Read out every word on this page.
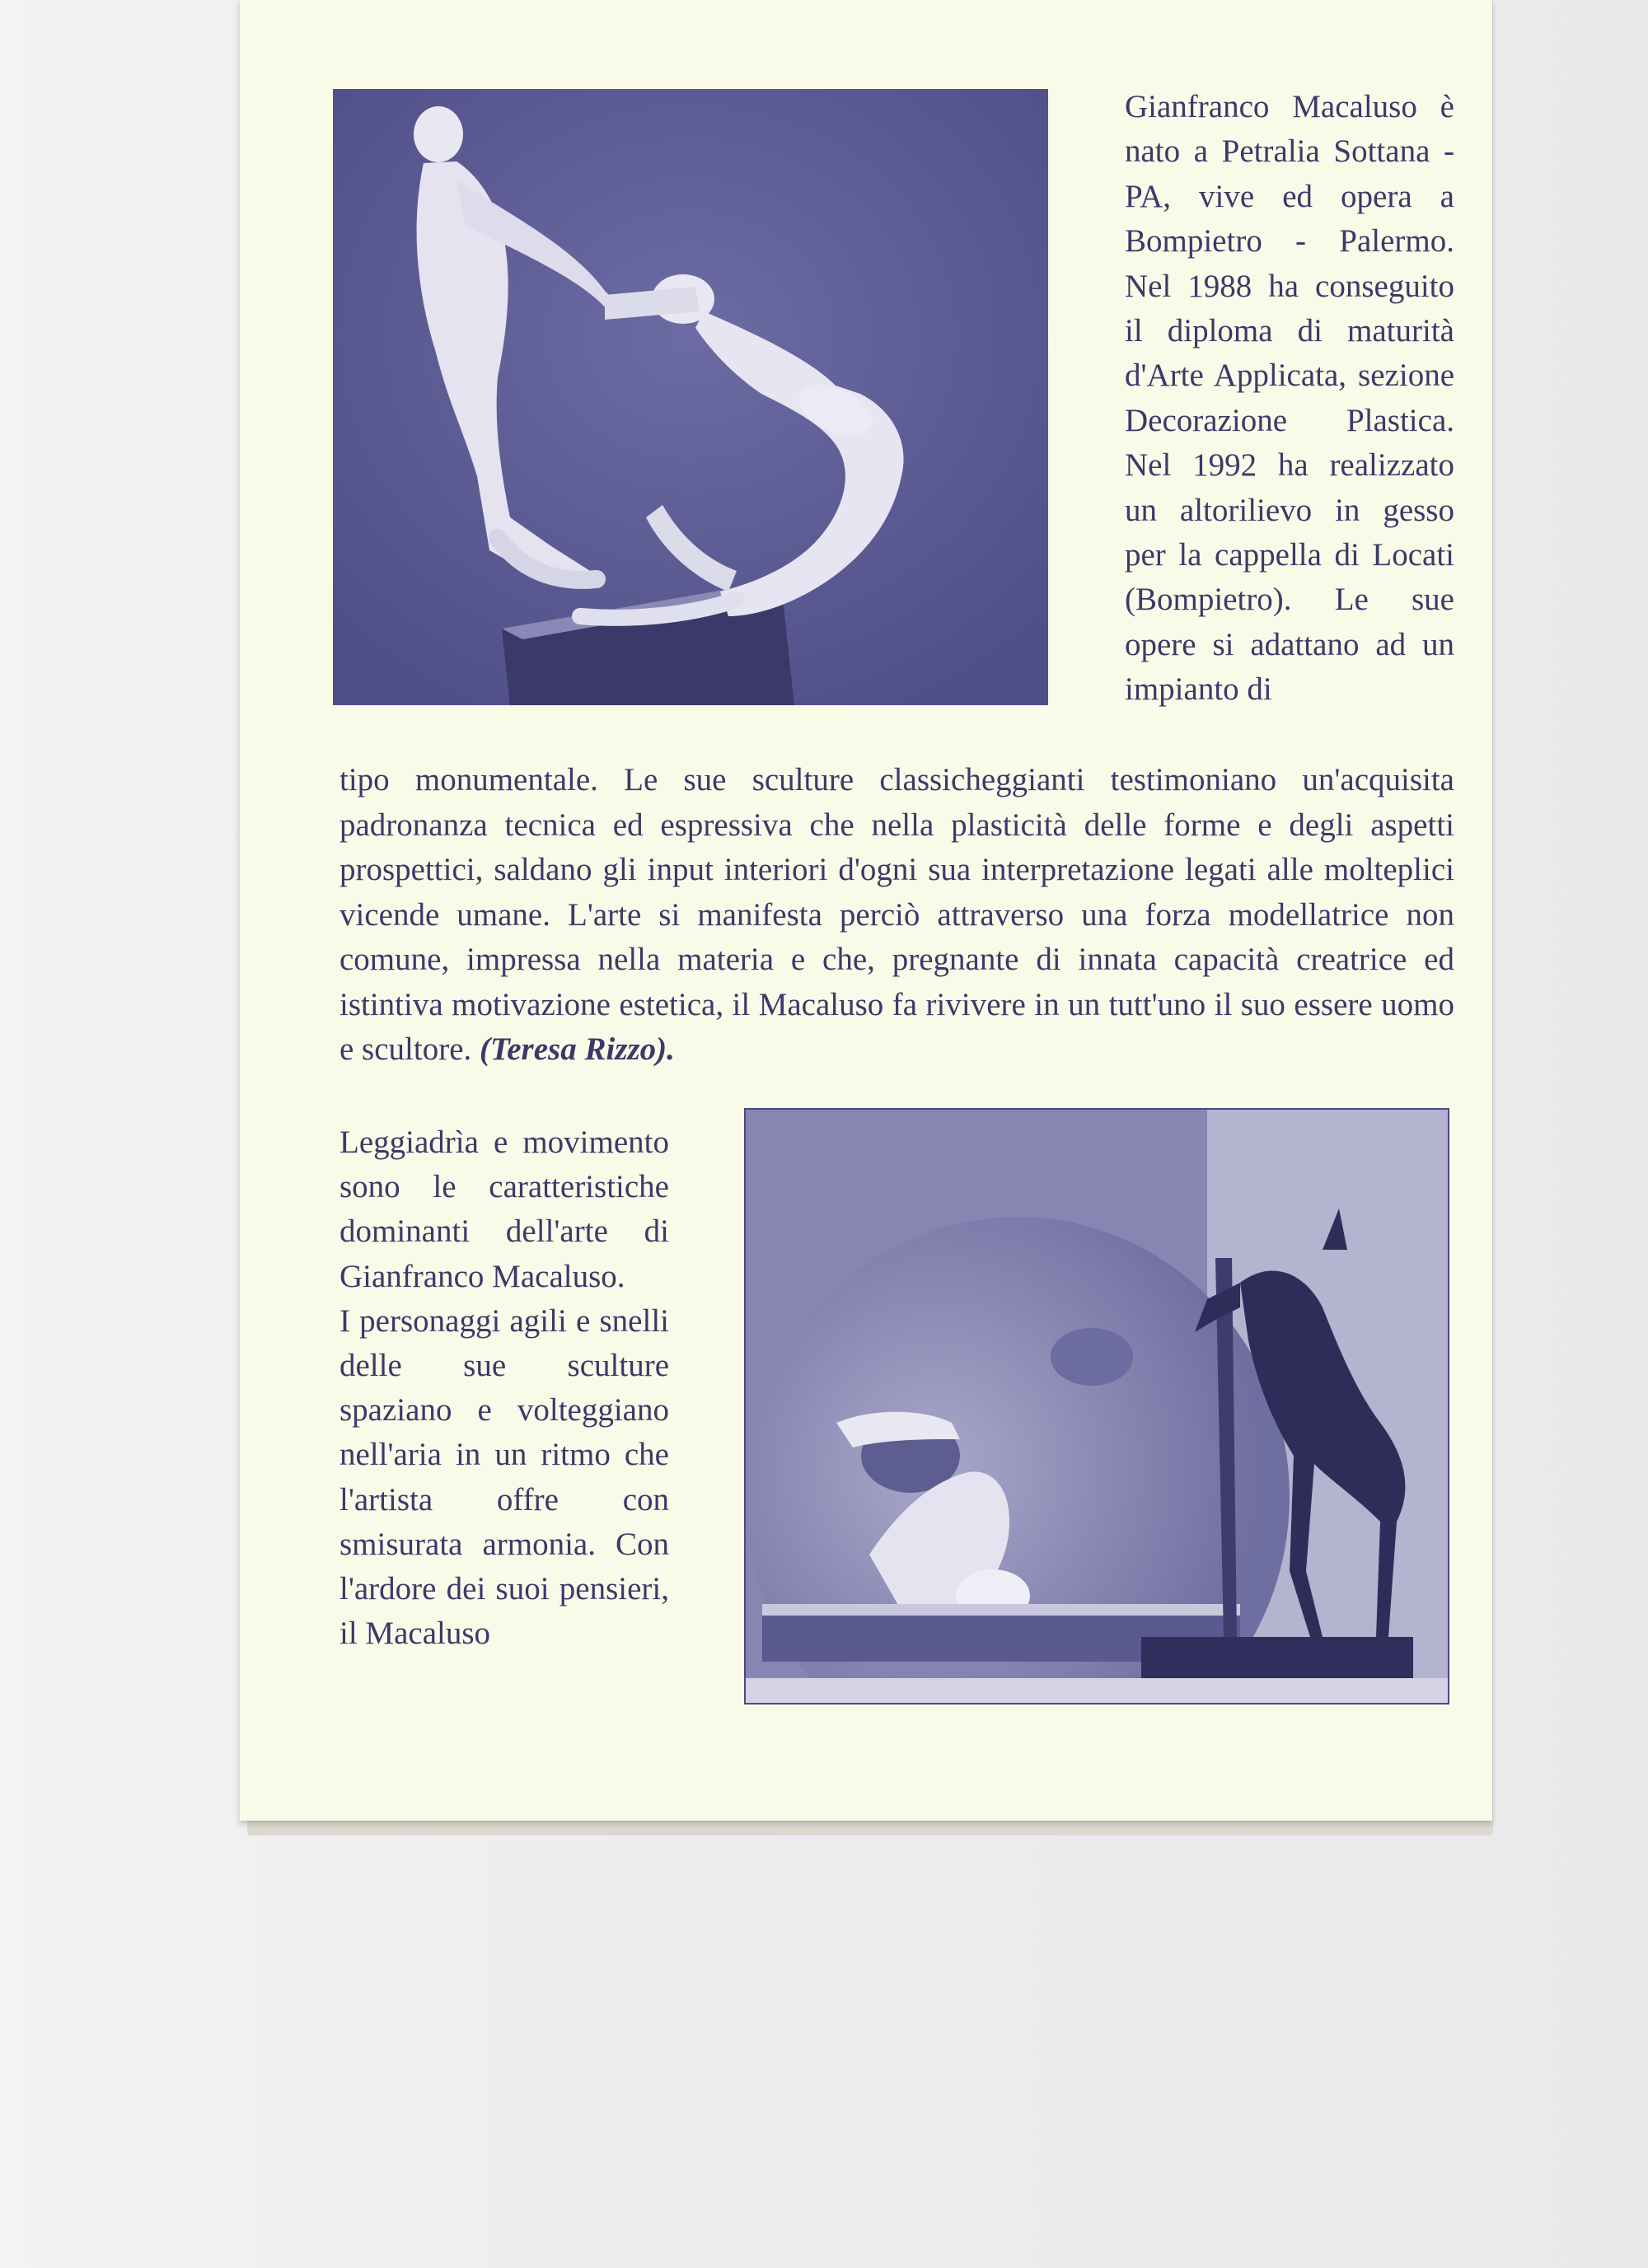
Gianfranco Macaluso è nato a Petralia Sottana - PA, vive ed opera a Bompietro - Palermo. Nel 1988 ha conseguito il diploma di maturità d'Arte Applicata, sezione Decorazione Plastica. Nel 1992 ha realizzato un altorilievo in gesso per la cappella di Locati (Bompietro). Le sue opere si adattano ad un impianto di
tipo monumentale. Le sue sculture classicheggianti testimoniano un'acquisita padronanza tecnica ed espressiva che nella plasticità delle forme e degli aspetti prospettici, saldano gli input interiori d'ogni sua interpretazione legati alle molteplici vicende umane. L'arte si manifesta perciò attraverso una forza modellatrice non comune, impressa nella materia e che, pregnante di innata capacità creatrice ed istintiva motivazione estetica, il Macaluso fa rivivere in un tutt'uno il suo essere uomo e scultore. (Teresa Rizzo).
Leggiadrìa e movimento sono le caratteristiche dominanti dell'arte di Gianfranco Macaluso.
I personaggi agili e snelli delle sue sculture spaziano e volteggiano nell'aria in un ritmo che l'artista offre con smisurata armonia. Con l'ardore dei suoi pensieri, il Macaluso
